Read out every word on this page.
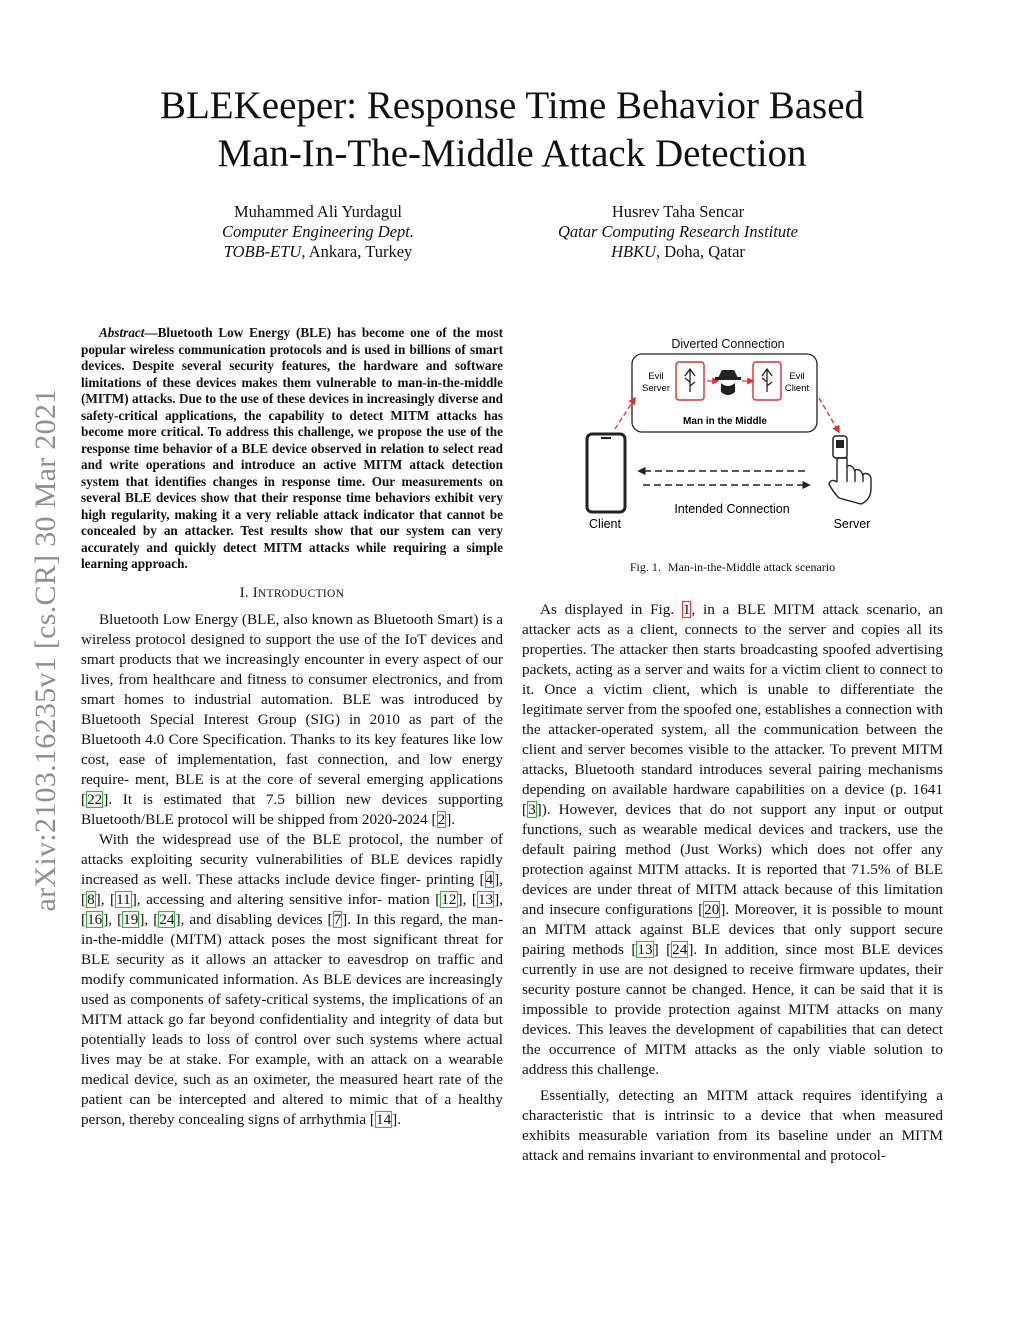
arXiv:2103.16235v1 [cs.CR] 30 Mar 2021
BLEKeeper: Response Time Behavior Based
Man-In-The-Middle Attack Detection
Muhammed Ali Yurdagul
Computer Engineering Dept.
TOBB-ETU, Ankara, Turkey
Husrev Taha Sencar
Qatar Computing Research Institute
HBKU, Doha, Qatar

Abstract—Bluetooth Low Energy (BLE) has become one of the most popular wireless communication protocols and is used in billions of smart devices. Despite several security features, the hardware and software limitations of these devices makes them vulnerable to man-in-the-middle (MITM) attacks. Due to the use of these devices in increasingly diverse and safety-critical applications, the capability to detect MITM attacks has become more critical. To address this challenge, we propose the use of the response time behavior of a BLE device observed in relation to select read and write operations and introduce an active MITM attack detection system that identifies changes in response time. Our measurements on several BLE devices show that their response time behaviors exhibit very high regularity, making it a very reliable attack indicator that cannot be concealed by an attacker. Test results show that our system can very accurately and quickly detect MITM attacks while requiring a simple learning approach.

I. INTRODUCTION

Bluetooth Low Energy (BLE, also known as Bluetooth Smart) is a wireless protocol designed to support the use of the IoT devices and smart products that we increasingly encounter in every aspect of our lives, from healthcare and fitness to consumer electronics, and from smart homes to industrial automation. BLE was introduced by Bluetooth Special Interest Group (SIG) in 2010 as part of the Bluetooth 4.0 Core Specification. Thanks to its key features like low cost, ease of implementation, fast connection, and low energy require- ment, BLE is at the core of several emerging applications [22]. It is estimated that 7.5 billion new devices supporting Bluetooth/BLE protocol will be shipped from 2020-2024 [2].

With the widespread use of the BLE protocol, the number of attacks exploiting security vulnerabilities of BLE devices rapidly increased as well. These attacks include device finger- printing [4], [8], [11], accessing and altering sensitive infor- mation [12], [13], [16], [19], [24], and disabling devices [7]. In this regard, the man-in-the-middle (MITM) attack poses the most significant threat for BLE security as it allows an attacker to eavesdrop on traffic and modify communicated information. As BLE devices are increasingly used as components of safety-critical systems, the implications of an MITM attack go far beyond confidentiality and integrity of data but potentially leads to loss of control over such systems where actual lives may be at stake. For example, with an attack on a wearable medical device, such as an oximeter, the measured heart rate of the patient can be intercepted and altered to mimic that of a healthy person, thereby concealing signs of arrhythmia [14].

Diverted Connection
Evil
Server
Evil
Client
Man in the Middle
Client
Intended Connection
Server
Fig. 1. Man-in-the-Middle attack scenario

As displayed in Fig. 1, in a BLE MITM attack scenario, an attacker acts as a client, connects to the server and copies all its properties. The attacker then starts broadcasting spoofed advertising packets, acting as a server and waits for a victim client to connect to it. Once a victim client, which is unable to differentiate the legitimate server from the spoofed one, establishes a connection with the attacker-operated system, all the communication between the client and server becomes visible to the attacker. To prevent MITM attacks, Bluetooth standard introduces several pairing mechanisms depending on available hardware capabilities on a device (p. 1641 [3]). However, devices that do not support any input or output functions, such as wearable medical devices and trackers, use the default pairing method (Just Works) which does not offer any protection against MITM attacks. It is reported that 71.5% of BLE devices are under threat of MITM attack because of this limitation and insecure configurations [20]. Moreover, it is possible to mount an MITM attack against BLE devices that only support secure pairing methods [13] [24]. In addition, since most BLE devices currently in use are not designed to receive firmware updates, their security posture cannot be changed. Hence, it can be said that it is impossible to provide protection against MITM attacks on many devices. This leaves the development of capabilities that can detect the occurrence of MITM attacks as the only viable solution to address this challenge.

Essentially, detecting an MITM attack requires identifying a characteristic that is intrinsic to a device that when measured exhibits measurable variation from its baseline under an MITM attack and remains invariant to environmental and protocol-
